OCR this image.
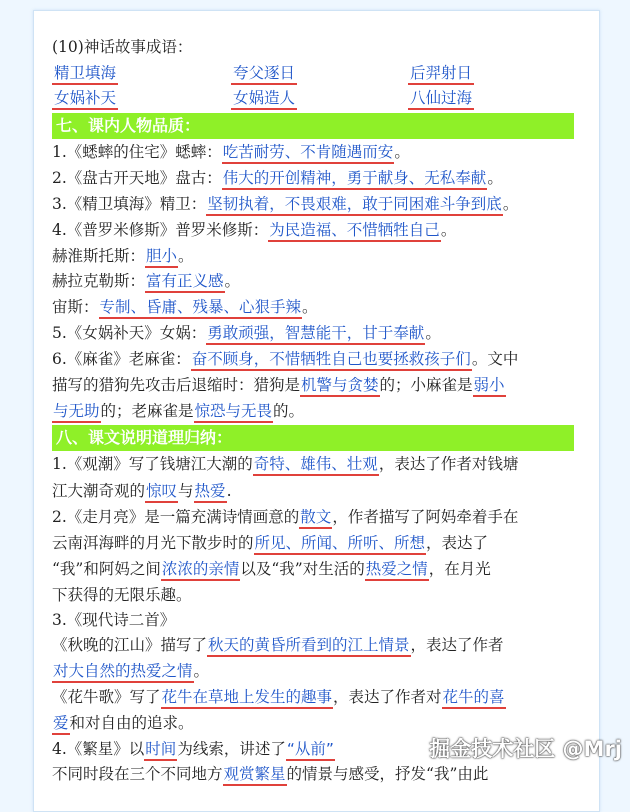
(10)神话故事成语：
精卫填海	夸父逐日	后羿射日
女娲补天	女娲造人	八仙过海
七、课内人物品质：
1.《蟋蟀的住宅》蟋蟀：吃苦耐劳、不肯随遇而安。
2.《盘古开天地》盘古：伟大的开创精神，勇于献身、无私奉献。
3.《精卫填海》精卫：坚韧执着，不畏艰难，敢于同困难斗争到底。
4.《普罗米修斯》普罗米修斯：为民造福、不惜牺牲自己。
赫淮斯托斯：胆小。
赫拉克勒斯：富有正义感。
宙斯：专制、昏庸、残暴、心狠手辣。
5.《女娲补天》女娲：勇敢顽强，智慧能干，甘于奉献。
6.《麻雀》老麻雀：奋不顾身，不惜牺牲自己也要拯救孩子们。文中
描写的猎狗先攻击后退缩时：猎狗是机警与贪婪的；小麻雀是弱小
与无助的；老麻雀是惊恐与无畏的。
八、课文说明道理归纳：
1.《观潮》写了钱塘江大潮的奇特、雄伟、壮观，表达了作者对钱塘
江大潮奇观的惊叹与热爱.
2.《走月亮》是一篇充满诗情画意的散文，作者描写了阿妈牵着手在
云南洱海畔的月光下散步时的所见、所闻、所听、所想，表达了
“我”和阿妈之间浓浓的亲情以及“我”对生活的热爱之情，在月光
下获得的无限乐趣。
3.《现代诗二首》
《秋晚的江山》描写了秋天的黄昏所看到的江上情景，表达了作者
对大自然的热爱之情。
《花牛歌》写了花牛在草地上发生的趣事，表达了作者对花牛的喜
爱和对自由的追求。
4.《繁星》以时间为线索，讲述了“从前”
不同时段在三个不同地方观赏繁星的情景与感受，抒发“我”由此
掘金技术社区 @Mrj
